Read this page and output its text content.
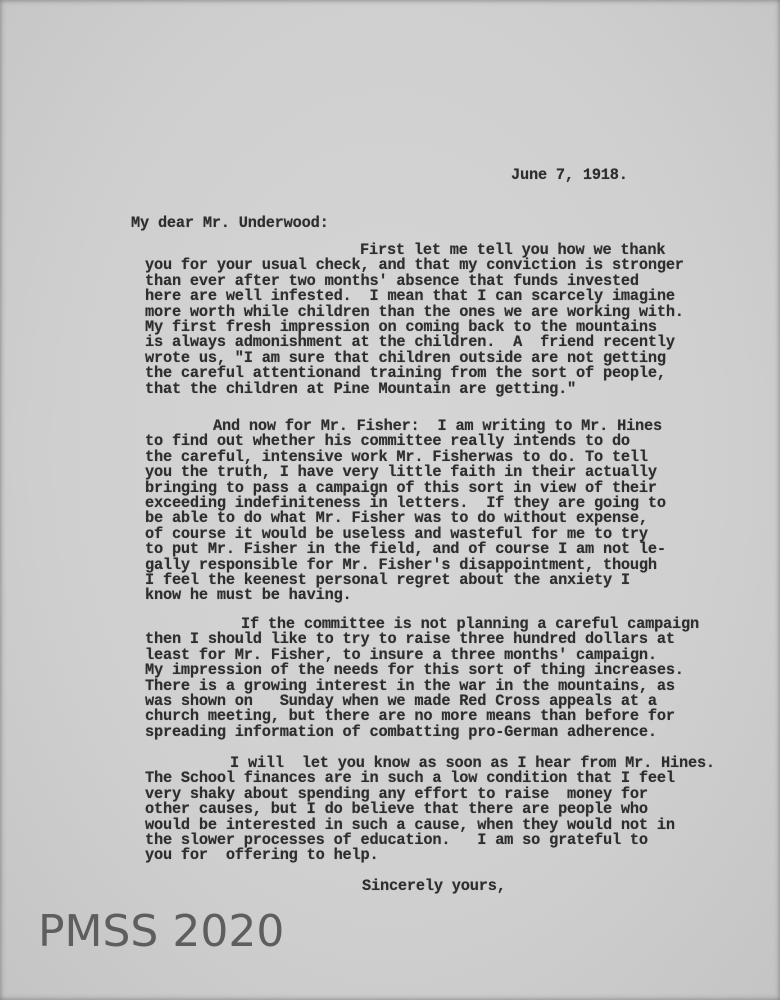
June 7, 1918.
My dear Mr. Underwood:
First let me tell you how we thank
you for your usual check, and that my conviction is stronger
than ever after two months' absence that funds invested
here are well infested.  I mean that I can scarcely imagine
more worth while children than the ones we are working with.
My first fresh impression on coming back to the mountains
is always admonishment at the children.  A  friend recently
wrote us, "I am sure that children outside are not getting
the careful attentionand training from the sort of people,
that the children at Pine Mountain are getting."
And now for Mr. Fisher:  I am writing to Mr. Hines
to find out whether his committee really intends to do
the careful, intensive work Mr. Fisherwas to do. To tell
you the truth, I have very little faith in their actually
bringing to pass a campaign of this sort in view of their
exceeding indefiniteness in letters.  If they are going to
be able to do what Mr. Fisher was to do without expense,
of course it would be useless and wasteful for me to try
to put Mr. Fisher in the field, and of course I am not le-
gally responsible for Mr. Fisher's disappointment, though
I feel the keenest personal regret about the anxiety I
know he must be having.
If the committee is not planning a careful campaign
then I should like to try to raise three hundred dollars at
least for Mr. Fisher, to insure a three months' campaign.
My impression of the needs for this sort of thing increases.
There is a growing interest in the war in the mountains, as
was shown on   Sunday when we made Red Cross appeals at a
church meeting, but there are no more means than before for
spreading information of combatting pro-German adherence.
I will  let you know as soon as I hear from Mr. Hines.
The School finances are in such a low condition that I feel
very shaky about spending any effort to raise  money for
other causes, but I do believe that there are people who
would be interested in such a cause, when they would not in
the slower processes of education.   I am so grateful to
you for  offering to help.
Sincerely yours,
PMSS 2020
